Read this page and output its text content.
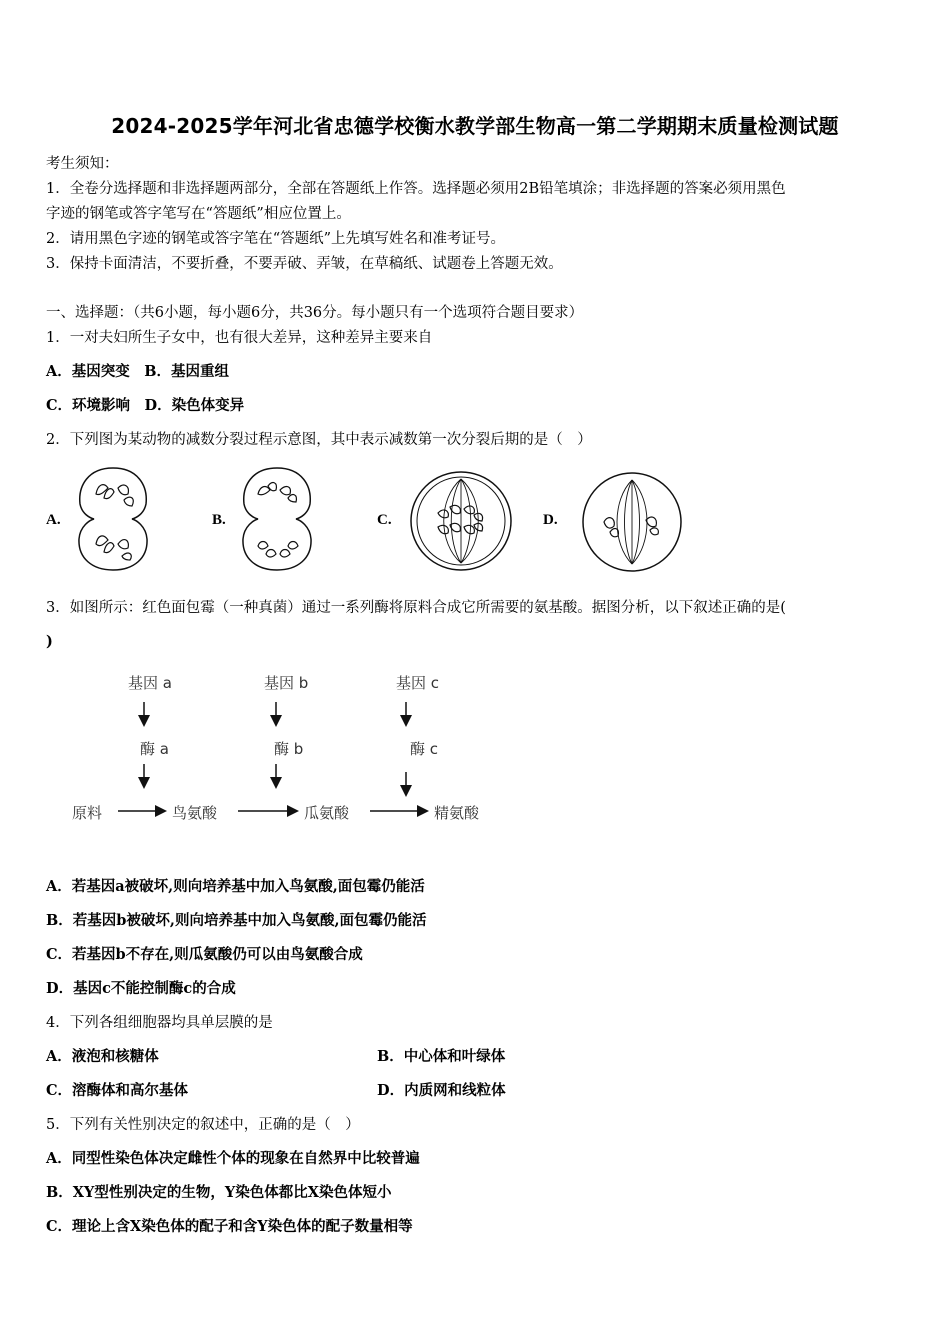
2024-2025学年河北省忠德学校衡水教学部生物高一第二学期期末质量检测试题
考生须知：
1．全卷分选择题和非选择题两部分，全部在答题纸上作答。选择题必须用2B铅笔填涂；非选择题的答案必须用黑色
字迹的钢笔或答字笔写在“答题纸”相应位置上。
2．请用黑色字迹的钢笔或答字笔在“答题纸”上先填写姓名和准考证号。
3．保持卡面清洁，不要折叠，不要弄破、弄皱，在草稿纸、试题卷上答题无效。
一、选择题：（共6小题，每小题6分，共36分。每小题只有一个选项符合题目要求）
1．一对夫妇所生子女中，也有很大差异，这种差异主要来自
A．基因突变　B．基因重组
C．环境影响　D．染色体变异
2．下列图为某动物的减数分裂过程示意图，其中表示减数第一次分裂后期的是（　）
A.	B.	C.	D.
3．如图所示：红色面包霉（一种真菌）通过一系列酶将原料合成它所需要的氨基酸。据图分析，以下叙述正确的是(
)
基因 a	基因 b	基因 c
酶 a	酶 b	酶 c
原料	鸟氨酸	瓜氨酸	精氨酸
A．若基因a被破坏,则向培养基中加入鸟氨酸,面包霉仍能活
B．若基因b被破坏,则向培养基中加入鸟氨酸,面包霉仍能活
C．若基因b不存在,则瓜氨酸仍可以由鸟氨酸合成
D．基因c不能控制酶c的合成
4．下列各组细胞器均具单层膜的是
A．液泡和核糖体	B．中心体和叶绿体
C．溶酶体和高尔基体	D．内质网和线粒体
5．下列有关性别决定的叙述中，正确的是（　）
A．同型性染色体决定雌性个体的现象在自然界中比较普遍
B．XY型性别决定的生物，Y染色体都比X染色体短小
C．理论上含X染色体的配子和含Y染色体的配子数量相等
